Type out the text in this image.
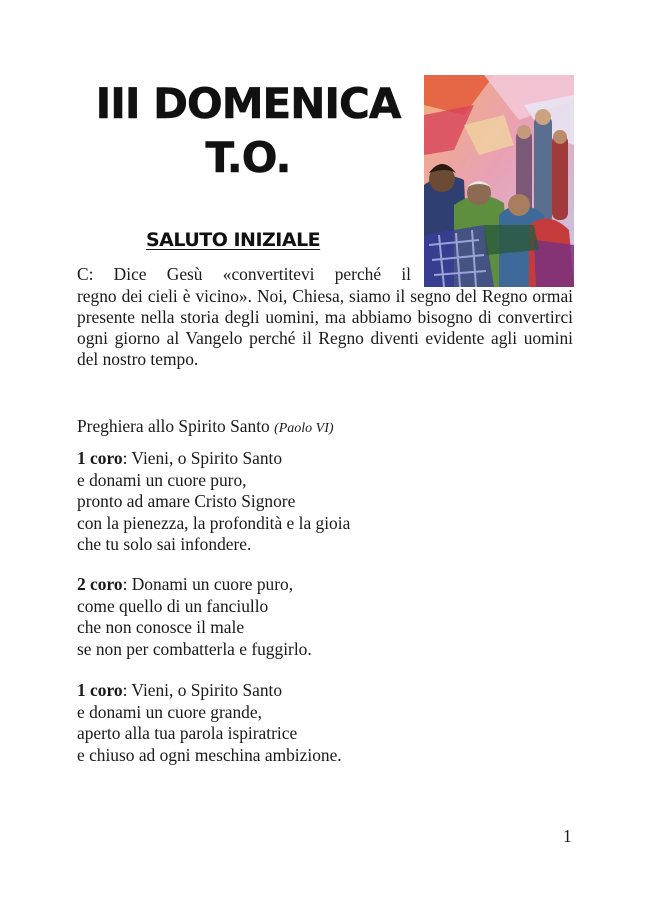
III DOMENICA
T.O.
SALUTO INIZIALE

C: Dice Gesù «convertitevi perché il

regno dei cieli è vicino». Noi, Chiesa, siamo il segno del Regno ormai presente nella storia degli uomini, ma abbiamo bisogno di convertirci ogni giorno al Vangelo perché il Regno diventi evidente agli uomini del nostro tempo.

Preghiera allo Spirito Santo (Paolo VI)

1 coro: Vieni, o Spirito Santo
e donami un cuore puro,
pronto ad amare Cristo Signore
con la pienezza, la profondità e la gioia
che tu solo sai infondere.
2 coro: Donami un cuore puro,
come quello di un fanciullo
che non conosce il male
se non per combatterla e fuggirlo.
1 coro: Vieni, o Spirito Santo
e donami un cuore grande,
aperto alla tua parola ispiratrice
e chiuso ad ogni meschina ambizione.

1
